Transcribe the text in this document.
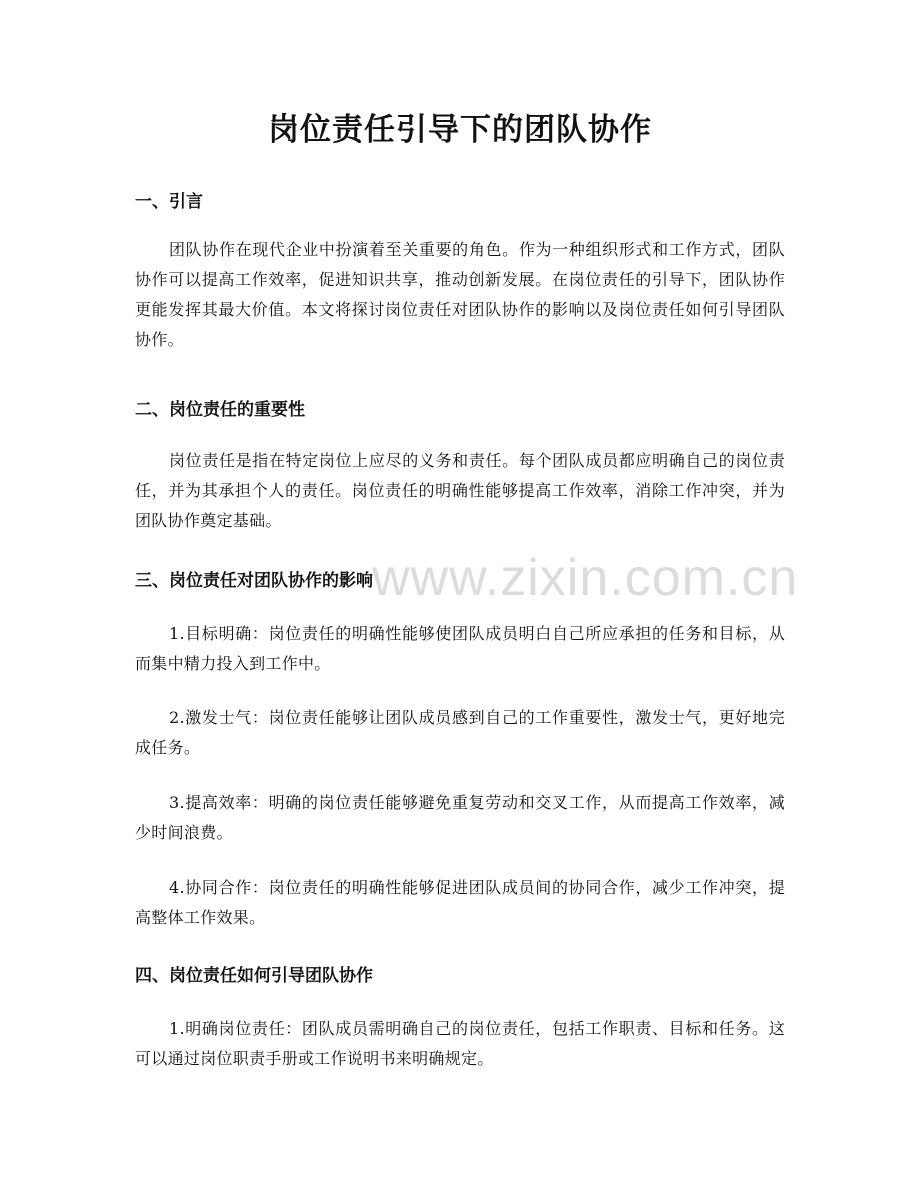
岗位责任引导下的团队协作
一、引言

团队协作在现代企业中扮演着至关重要的角色。作为一种组织形式和工作方式，团队协作可以提高工作效率，促进知识共享，推动创新发展。在岗位责任的引导下，团队协作更能发挥其最大价值。本文将探讨岗位责任对团队协作的影响以及岗位责任如何引导团队协作。

二、岗位责任的重要性

岗位责任是指在特定岗位上应尽的义务和责任。每个团队成员都应明确自己的岗位责任，并为其承担个人的责任。岗位责任的明确性能够提高工作效率，消除工作冲突，并为团队协作奠定基础。

三、岗位责任对团队协作的影响

1.目标明确：岗位责任的明确性能够使团队成员明白自己所应承担的任务和目标，从而集中精力投入到工作中。

2.激发士气：岗位责任能够让团队成员感到自己的工作重要性，激发士气，更好地完成任务。

3.提高效率：明确的岗位责任能够避免重复劳动和交叉工作，从而提高工作效率，减少时间浪费。

4.协同合作：岗位责任的明确性能够促进团队成员间的协同合作，减少工作冲突，提高整体工作效果。

四、岗位责任如何引导团队协作

1.明确岗位责任：团队成员需明确自己的岗位责任，包括工作职责、目标和任务。这可以通过岗位职责手册或工作说明书来明确规定。

www.zixin.com.cn
